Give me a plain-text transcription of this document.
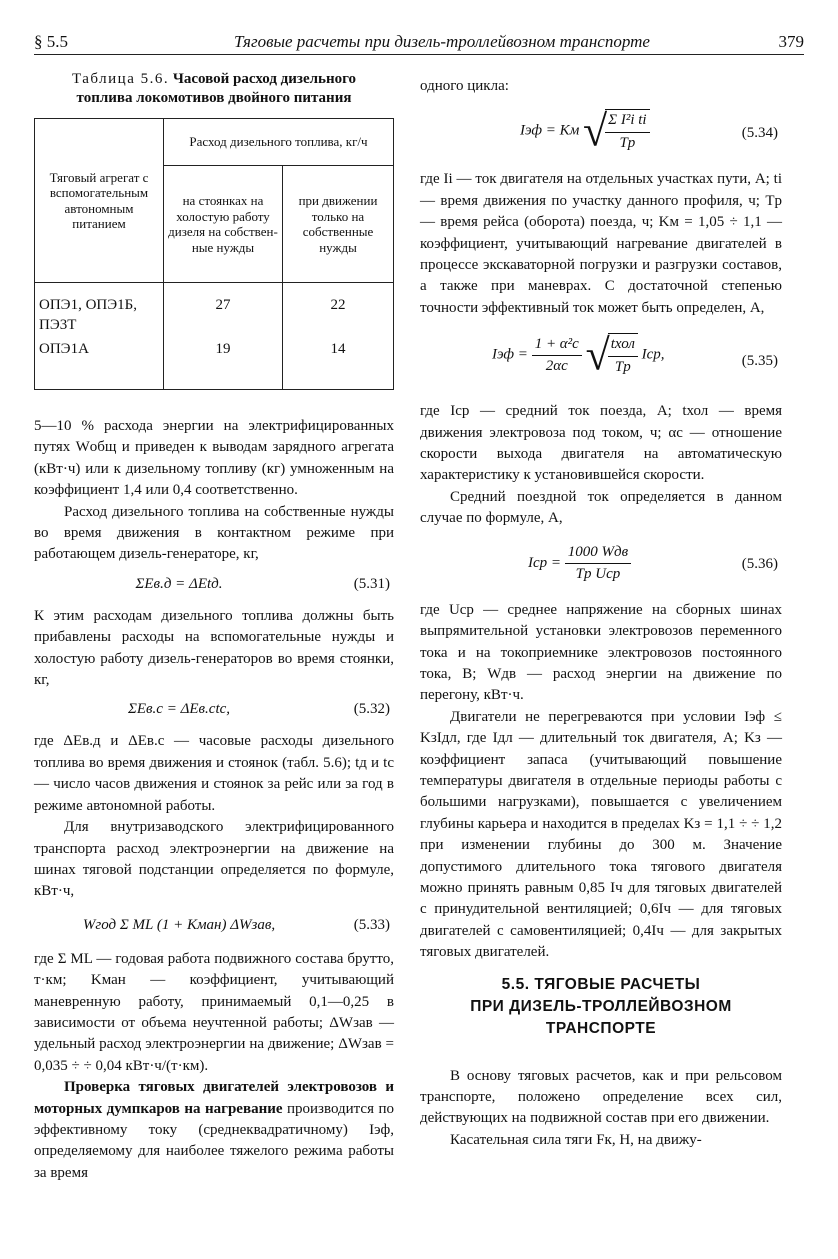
§ 5.5	Тяговые расчеты при дизель-троллейвозном транспорте	379
Таблица 5.6. Часовой расход дизельного
топлива локомотивов двойного питания
Тяговый агрегат с вспомогательным автономным питанием	Расход дизельного топлива, кг/ч	
	на стоянках на холостую работу дизеля на собственные нужды	при движении только на собственные нужды
ОПЭ1, ОПЭ1Б, ПЭ3Т	27	22
ОПЭ1А	19	14

5—10 % расхода энергии на электрифицированных путях Wобщ и приведен к выводам зарядного агрегата (кВт·ч) или к дизельному топливу (кг) умноженным на коэффициент 1,4 или 0,4 соответственно.

Расход дизельного топлива на собственные нужды во время движения в контактном режиме при работающем дизель-генераторе, кг,

ΣEв.д = ΔEtд.	(5.31)

К этим расходам дизельного топлива должны быть прибавлены расходы на вспомогательные нужды и холостую работу дизель-генераторов во время стоянки, кг,

ΣEв.с = ΔEв.сtс,	(5.32)

где ΔEв.д и ΔEв.с — часовые расходы дизельного топлива во время движения и стоянок (табл. 5.6); tд и tс — число часов движения и стоянок за рейс или за год в режиме автономной работы.

Для внутризаводского электрифицированного транспорта расход электроэнергии на движение на шинах тяговой подстанции определяется по формуле, кВт·ч,

Wгод Σ ML (1 + Kман) ΔWзав,	(5.33)

где Σ ML — годовая работа подвижного состава брутто, т·км; Kман — коэффициент, учитывающий маневренную работу, принимаемый 0,1—0,25 в зависимости от объема неучтенной работы; ΔWзав — удельный расход электроэнергии на движение; ΔWзав = 0,035 ÷ ÷ 0,04 кВт·ч/(т·км).

Проверка тяговых двигателей электровозов и моторных думпкаров на нагревание производится по эффективному току (среднеквадратичному) Iэф, определяемому для наиболее тяжелого режима работы за время

одного цикла:

Iэф = Kм √
$\frac{\text{Σ I²i ti}}{Tр}$	(5.34)

где Ii — ток двигателя на отдельных участках пути, А; ti — время движения по участку данного профиля, ч; Tр — время рейса (оборота) поезда, ч; Kм = 1,05 ÷ 1,1 — коэффициент, учитывающий нагревание двигателей в процессе экскаваторной погрузки и разгрузки составов, а также при маневрах. С достаточной степенью точности эффективный ток может быть определен, А,

Iэф = $\frac{\text{1 + α²с}}{2\alpha с}$ √
$\frac{\text{tхол}}{Tр}$ Iср,	(5.35)

где Iср — средний ток поезда, А; tхол — время движения электровоза под током, ч; αс — отношение скорости выхода двигателя на автоматическую характеристику к установившейся скорости.

Средний поездной ток определяется в данном случае по формуле, А,

Iср = $\frac{\text{1000 Wдв}}{\text{Tр Uср}}$	(5.36)

где Uср — среднее напряжение на сборных шинах выпрямительной установки электровозов переменного тока и на токоприемнике электровозов постоянного тока, В; Wдв — расход энергии на движение по перегону, кВт·ч.

Двигатели не перегреваются при условии Iэф ≤ KзIдл, где Iдл — длительный ток двигателя, А; Kз — коэффициент запаса (учитывающий повышение температуры двигателя в отдельные периоды работы с большими нагрузками), повышается с увеличением глубины карьера и находится в пределах Kз = 1,1 ÷ ÷ 1,2 при изменении глубины до 300 м. Значение допустимого длительного тока тягового двигателя можно принять равным 0,85 Iч для тяговых двигателей с принудительной вентиляцией; 0,6Iч — для тяговых двигателей с самовентиляцией; 0,4Iч — для закрытых тяговых двигателей.

5.5. ТЯГОВЫЕ РАСЧЕТЫ
ПРИ ДИЗЕЛЬ-ТРОЛЛЕЙВОЗНОМ
ТРАНСПОРТЕ

В основу тяговых расчетов, как и при рельсовом транспорте, положено определение всех сил, действующих на подвижной состав при его движении.

Касательная сила тяги Fк, Н, на движу-
